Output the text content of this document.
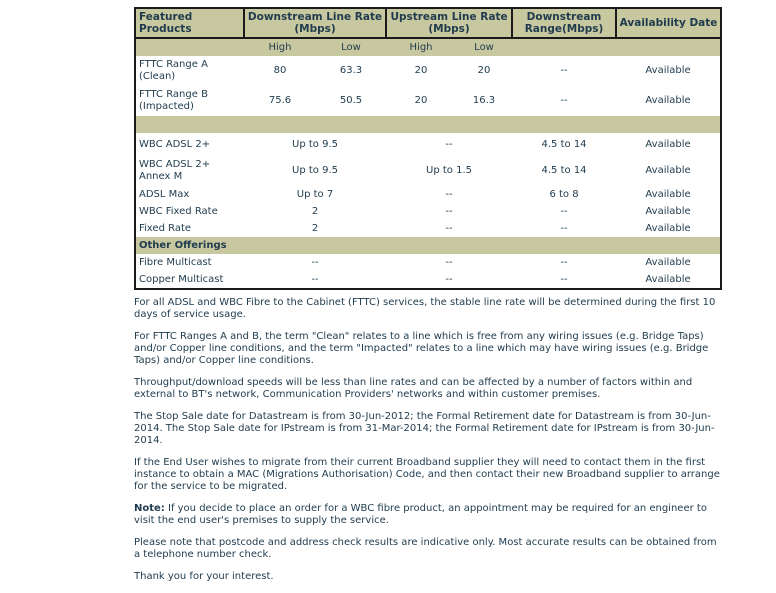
Featured Products	Downstream Line Rate (Mbps)		Upstream Line Rate (Mbps)		Downstream Range(Mbps)	Availability Date
	High	Low	High	Low		
FTTC Range A (Clean)	80	63.3	20	20	--	Available
FTTC Range B (Impacted)	75.6	50.5	20	16.3	--	Available

WBC ADSL 2+	Up to 9.5		--		4.5 to 14	Available
WBC ADSL 2+ Annex M	Up to 9.5		Up to 1.5		4.5 to 14	Available
ADSL Max	Up to 7		--		6 to 8	Available
WBC Fixed Rate	2		--		--	Available
Fixed Rate	2		--		--	Available
Other Offerings						
Fibre Multicast	--		--		--	Available
Copper Multicast	--		--		--	Available

For all ADSL and WBC Fibre to the Cabinet (FTTC) services, the stable line rate will be determined during the first 10 days of service usage.

For FTTC Ranges A and B, the term "Clean" relates to a line which is free from any wiring issues (e.g. Bridge Taps) and/or Copper line conditions, and the term "Impacted" relates to a line which may have wiring issues (e.g. Bridge Taps) and/or Copper line conditions.

Throughput/download speeds will be less than line rates and can be affected by a number of factors within and external to BT's network, Communication Providers' networks and within customer premises.

The Stop Sale date for Datastream is from 30-Jun-2012; the Formal Retirement date for Datastream is from 30-Jun-2014. The Stop Sale date for IPstream is from 31-Mar-2014; the Formal Retirement date for IPstream is from 30-Jun-2014.

If the End User wishes to migrate from their current Broadband supplier they will need to contact them in the first instance to obtain a MAC (Migrations Authorisation) Code, and then contact their new Broadband supplier to arrange for the service to be migrated.

Note: If you decide to place an order for a WBC fibre product, an appointment may be required for an engineer to visit the end user's premises to supply the service.

Please note that postcode and address check results are indicative only. Most accurate results can be obtained from a telephone number check.

Thank you for your interest.
